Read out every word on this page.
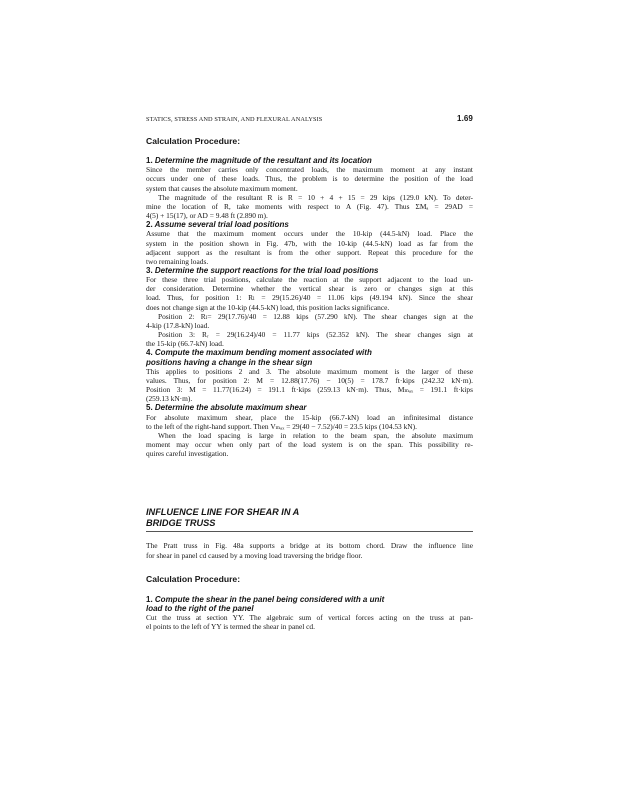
STATICS, STRESS AND STRAIN, AND FLEXURAL ANALYSIS	1.69
Calculation Procedure:
1. Determine the magnitude of the resultant and its location

Since the member carries only concentrated loads, the maximum moment at any instant

occurs under one of these loads. Thus, the problem is to determine the position of the load

system that causes the absolute maximum moment.

The magnitude of the resultant R is R = 10 + 4 + 15 = 29 kips (129.0 kN). To deter-

mine the location of R, take moments with respect to A (Fig. 47). Thus ΣMₐ = 29AD =

4(5) + 15(17), or AD = 9.48 ft (2.890 m).

2. Assume several trial load positions

Assume that the maximum moment occurs under the 10-kip (44.5-kN) load. Place the

system in the position shown in Fig. 47b, with the 10-kip (44.5-kN) load as far from the

adjacent support as the resultant is from the other support. Repeat this procedure for the

two remaining loads.

3. Determine the support reactions for the trial load positions

For these three trial positions, calculate the reaction at the support adjacent to the load un-

der consideration. Determine whether the vertical shear is zero or changes sign at this

load. Thus, for position 1: Rₗ = 29(15.26)/40 = 11.06 kips (49.194 kN). Since the shear

does not change sign at the 10-kip (44.5-kN) load, this position lacks significance.

Position 2: Rₗ= 29(17.76)/40 = 12.88 kips (57.290 kN). The shear changes sign at the

4-kip (17.8-kN) load.

Position 3: Rᵣ = 29(16.24)/40 = 11.77 kips (52.352 kN). The shear changes sign at

the 15-kip (66.7-kN) load.

4. Compute the maximum bending moment associated with
positions having a change in the shear sign

This applies to positions 2 and 3. The absolute maximum moment is the larger of these

values. Thus, for position 2: M = 12.88(17.76) − 10(5) = 178.7 ft·kips (242.32 kN·m).

Position 3: M = 11.77(16.24) = 191.1 ft·kips (259.13 kN·m). Thus, Mₘₐₓ = 191.1 ft·kips

(259.13 kN·m).

5. Determine the absolute maximum shear

For absolute maximum shear, place the 15-kip (66.7-kN) load an infinitesimal distance

to the left of the right-hand support. Then Vₘₐₓ = 29(40 − 7.52)/40 = 23.5 kips (104.53 kN).

When the load spacing is large in relation to the beam span, the absolute maximum

moment may occur when only part of the load system is on the span. This possibility re-

quires careful investigation.

INFLUENCE LINE FOR SHEAR IN A
BRIDGE TRUSS

The Pratt truss in Fig. 48a supports a bridge at its bottom chord. Draw the influence line

for shear in panel cd caused by a moving load traversing the bridge floor.

Calculation Procedure:
1. Compute the shear in the panel being considered with a unit
load to the right of the panel

Cut the truss at section YY. The algebraic sum of vertical forces acting on the truss at pan-

el points to the left of YY is termed the shear in panel cd.
